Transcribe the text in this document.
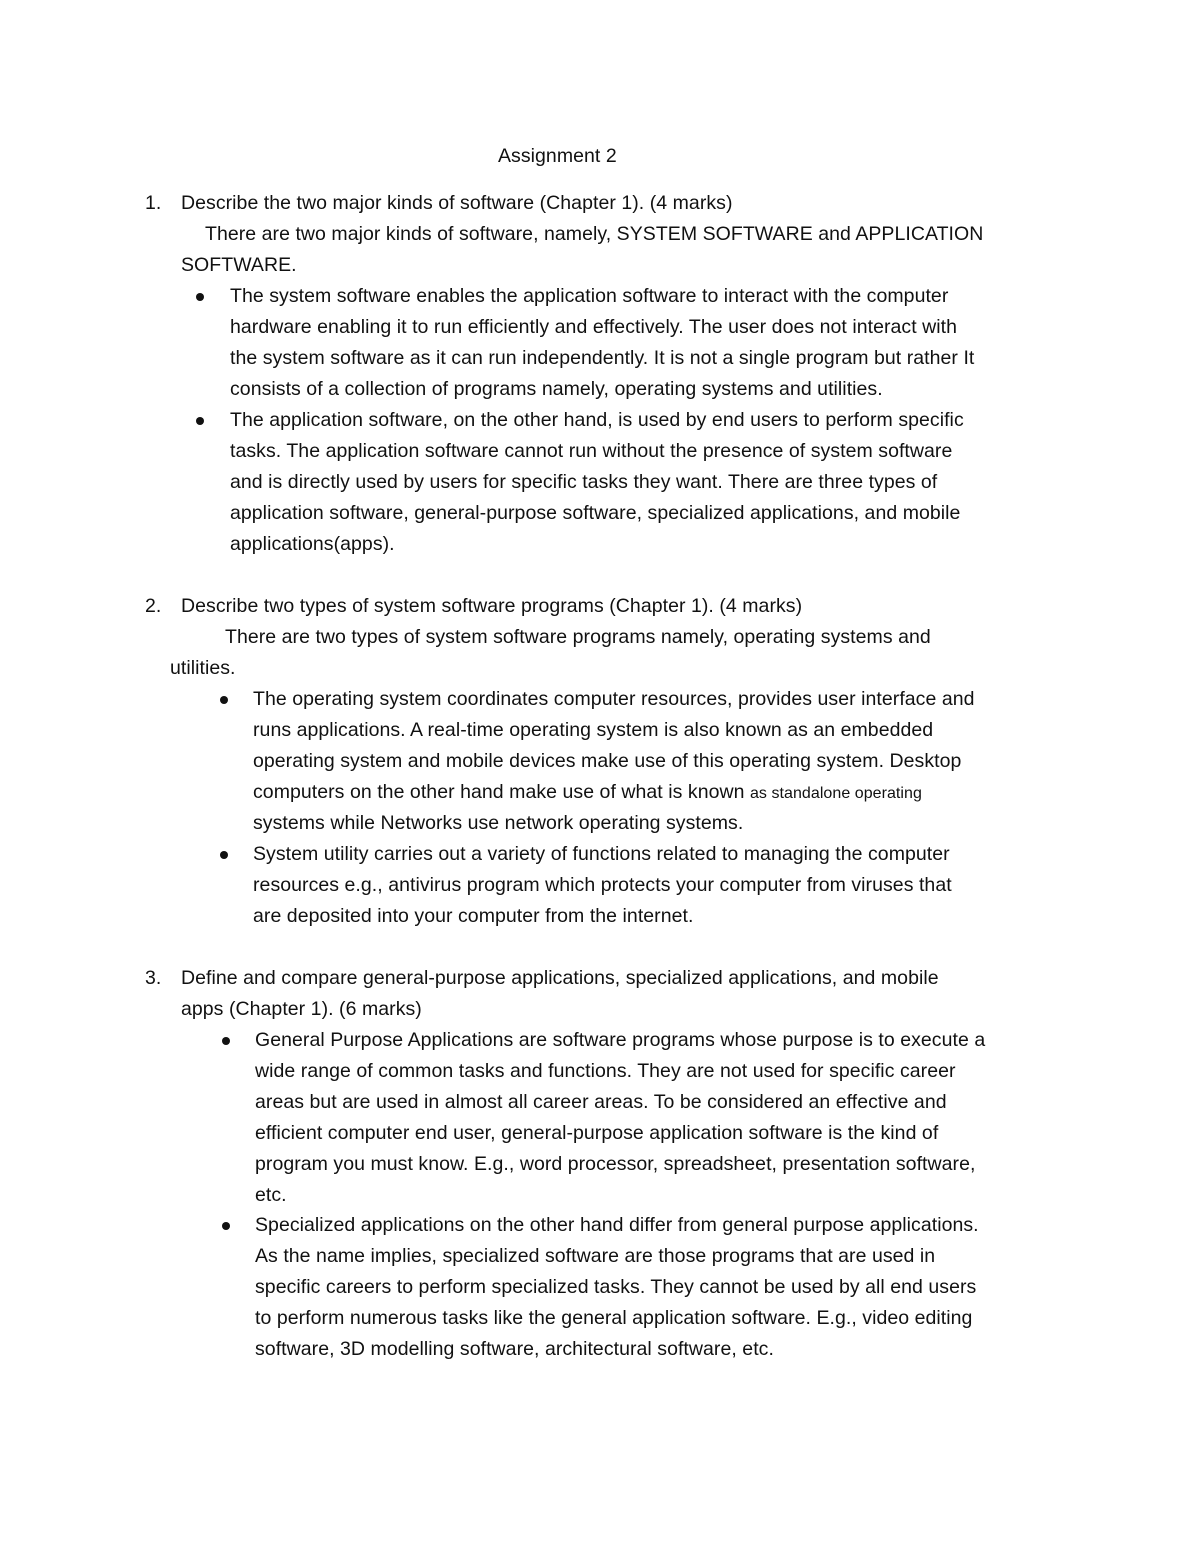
Assignment 2
1. Describe the two major kinds of software (Chapter 1). (4 marks)
There are two major kinds of software, namely, SYSTEM SOFTWARE and APPLICATION
SOFTWARE.
The system software enables the application software to interact with the computer
hardware enabling it to run efficiently and effectively. The user does not interact with
the system software as it can run independently. It is not a single program but rather It
consists of a collection of programs namely, operating systems and utilities.
The application software, on the other hand, is used by end users to perform specific
tasks. The application software cannot run without the presence of system software
and is directly used by users for specific tasks they want. There are three types of
application software, general-purpose software, specialized applications, and mobile
applications(apps).
2. Describe two types of system software programs (Chapter 1). (4 marks)
There are two types of system software programs namely, operating systems and
utilities.
The operating system coordinates computer resources, provides user interface and
runs applications. A real-time operating system is also known as an embedded
operating system and mobile devices make use of this operating system. Desktop
computers on the other hand make use of what is known as standalone operating
systems while Networks use network operating systems.
System utility carries out a variety of functions related to managing the computer
resources e.g., antivirus program which protects your computer from viruses that
are deposited into your computer from the internet.
3. Define and compare general-purpose applications, specialized applications, and mobile
apps (Chapter 1). (6 marks)
General Purpose Applications are software programs whose purpose is to execute a
wide range of common tasks and functions. They are not used for specific career
areas but are used in almost all career areas. To be considered an effective and
efficient computer end user, general-purpose application software is the kind of
program you must know. E.g., word processor, spreadsheet, presentation software,
etc.
Specialized applications on the other hand differ from general purpose applications.
As the name implies, specialized software are those programs that are used in
specific careers to perform specialized tasks. They cannot be used by all end users
to perform numerous tasks like the general application software. E.g., video editing
software, 3D modelling software, architectural software, etc.
